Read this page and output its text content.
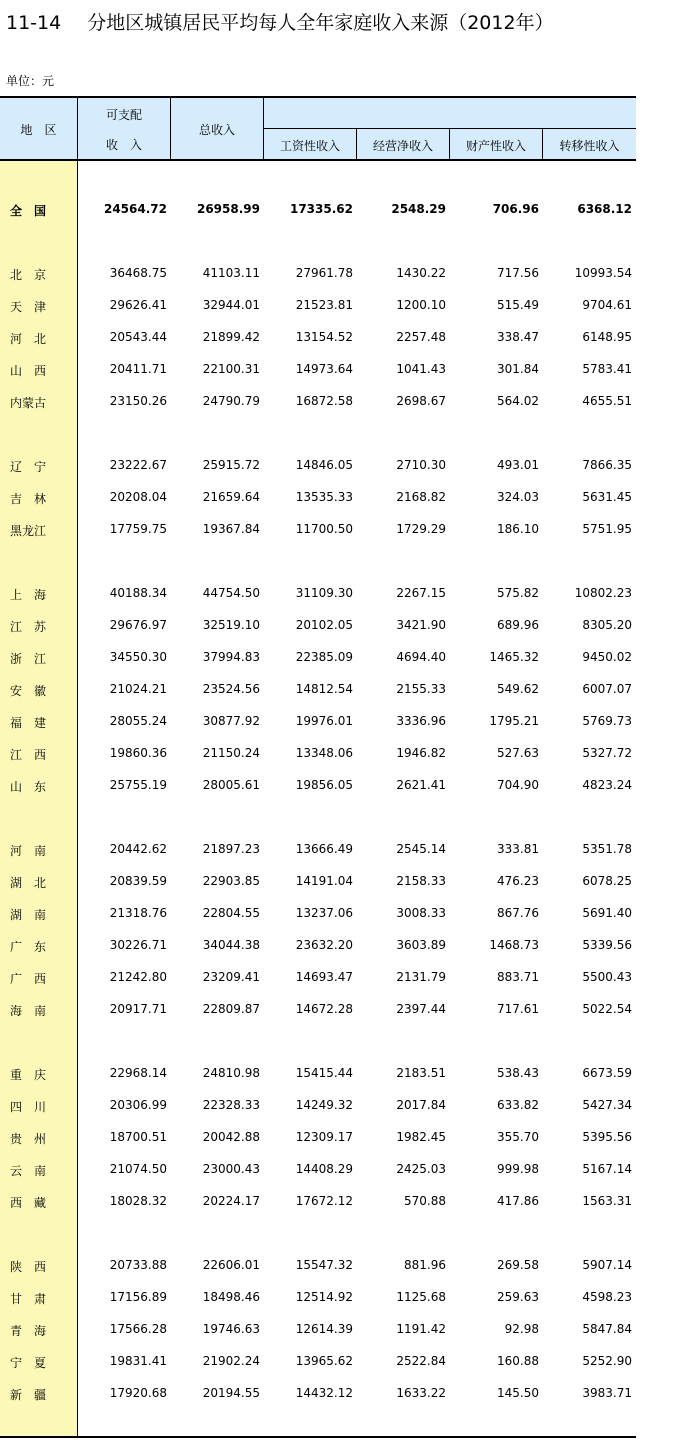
11-14 分地区城镇居民平均每人全年家庭收入来源（2012年）
单位：元
地　区
可支配
收　入
总收入
工资性收入	经营净收入	财产性收入	转移性收入
全　国	24564.72 26958.99 17335.62	2548.29	706.96	6368.12
北　京	36468.75	41103.11	27961.78	1430.22	717.56	10993.54
天　津	29626.41	32944.01	21523.81	1200.10	515.49	9704.61
河　北	20543.44	21899.42	13154.52	2257.48	338.47	6148.95
山　西	20411.71	22100.31	14973.64	1041.43	301.84	5783.41
内蒙古	23150.26	24790.79	16872.58	2698.67	564.02	4655.51
辽　宁	23222.67	25915.72	14846.05	2710.30	493.01	7866.35
吉　林	20208.04	21659.64	13535.33	2168.82	324.03	5631.45
黑龙江	17759.75	19367.84	11700.50	1729.29	186.10	5751.95
上　海	40188.34	44754.50	31109.30	2267.15	575.82	10802.23
江　苏	29676.97	32519.10	20102.05	3421.90	689.96	8305.20
浙　江	34550.30	37994.83	22385.09	4694.40	1465.32	9450.02
安　徽	21024.21	23524.56	14812.54	2155.33	549.62	6007.07
福　建	28055.24	30877.92	19976.01	3336.96	1795.21	5769.73
江　西	19860.36	21150.24	13348.06	1946.82	527.63	5327.72
山　东	25755.19	28005.61	19856.05	2621.41	704.90	4823.24
河　南	20442.62	21897.23	13666.49	2545.14	333.81	5351.78
湖　北	20839.59	22903.85	14191.04	2158.33	476.23	6078.25
湖　南	21318.76	22804.55	13237.06	3008.33	867.76	5691.40
广　东	30226.71	34044.38	23632.20	3603.89	1468.73	5339.56
广　西	21242.80	23209.41	14693.47	2131.79	883.71	5500.43
海　南	20917.71	22809.87	14672.28	2397.44	717.61	5022.54
重　庆	22968.14	24810.98	15415.44	2183.51	538.43	6673.59
四　川	20306.99	22328.33	14249.32	2017.84	633.82	5427.34
贵　州	18700.51	20042.88	12309.17	1982.45	355.70	5395.56
云　南	21074.50	23000.43	14408.29	2425.03	999.98	5167.14
西　藏	18028.32	20224.17	17672.12	570.88	417.86	1563.31
陕　西	20733.88	22606.01	15547.32	881.96	269.58	5907.14
甘　肃	17156.89	18498.46	12514.92	1125.68	259.63	4598.23
青　海	17566.28	19746.63	12614.39	1191.42	92.98	5847.84
宁　夏	19831.41	21902.24	13965.62	2522.84	160.88	5252.90
新　疆	17920.68	20194.55	14432.12	1633.22	145.50	3983.71
